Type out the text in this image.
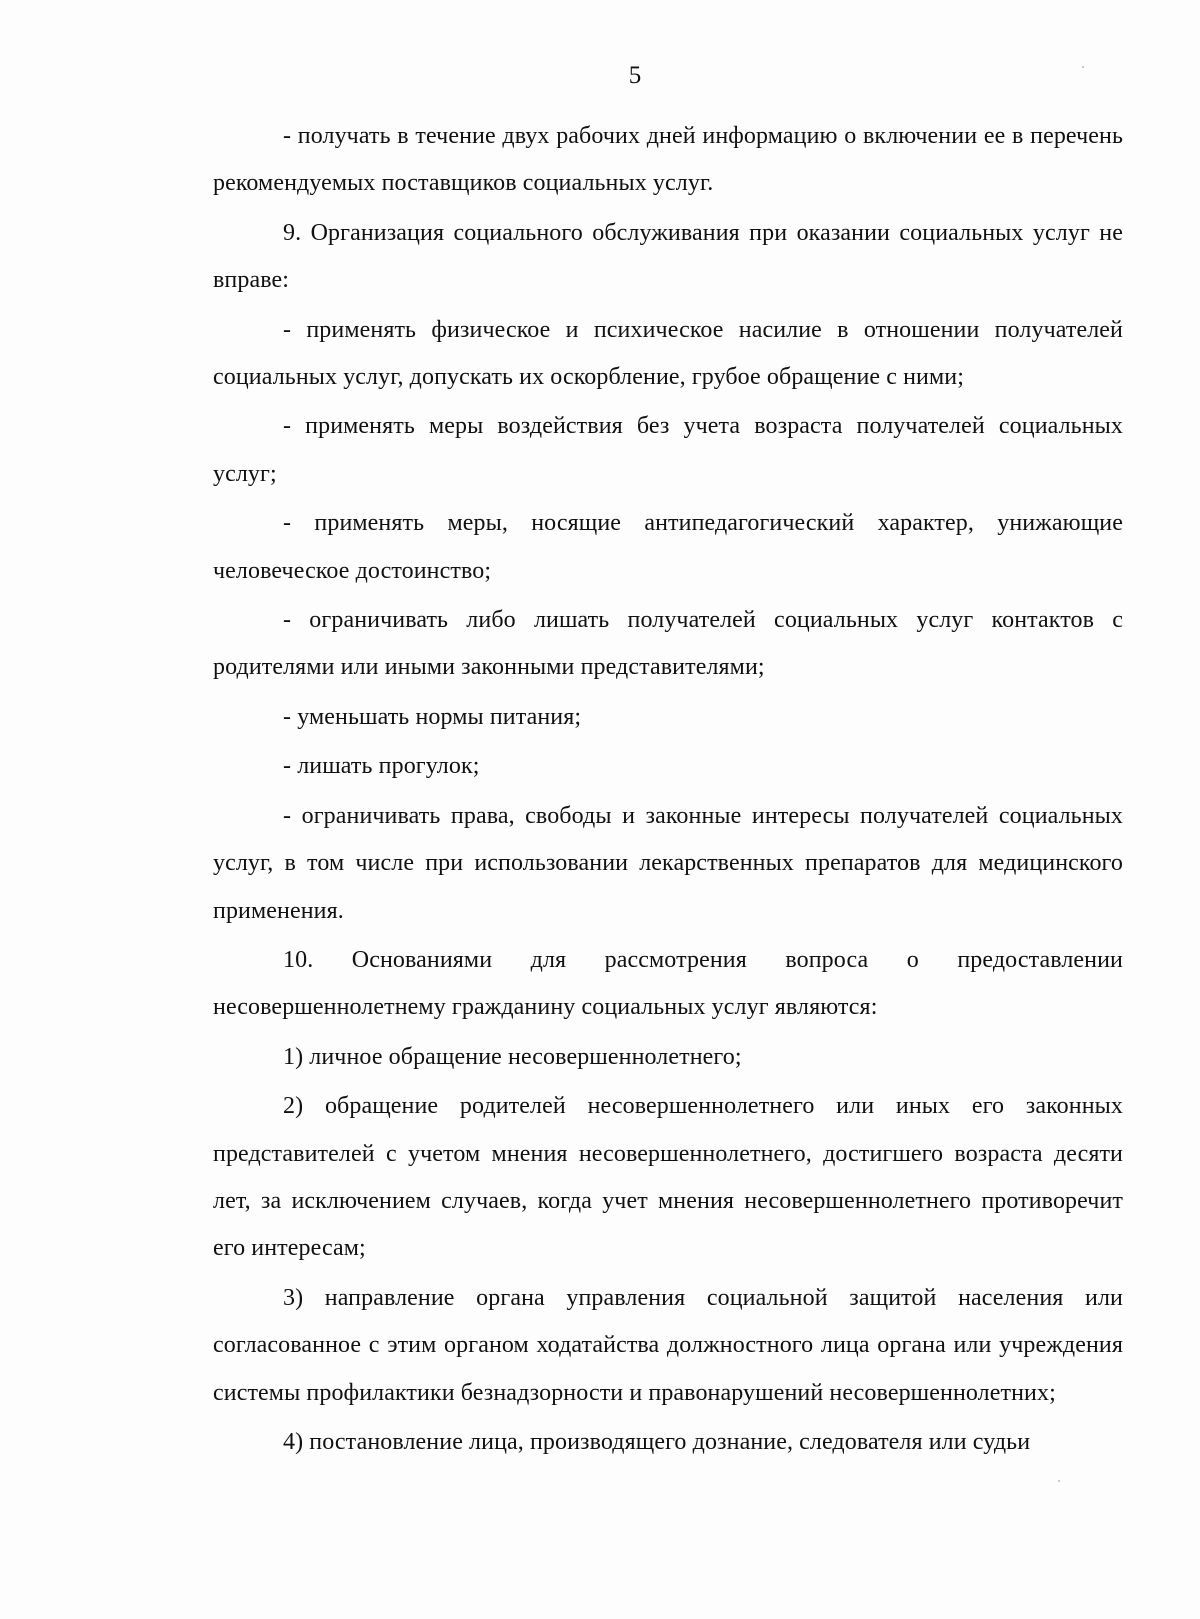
5

- получать в течение двух рабочих дней информацию о включении ее в перечень рекомендуемых поставщиков социальных услуг.

9. Организация социального обслуживания при оказании социальных услуг не вправе:

- применять физическое и психическое насилие в отношении получателей социальных услуг, допускать их оскорбление, грубое обращение с ними;

- применять меры воздействия без учета возраста получателей социальных услуг;

- применять меры, носящие антипедагогический характер, унижающие человеческое достоинство;

- ограничивать либо лишать получателей социальных услуг контактов с родителями или иными законными представителями;

- уменьшать нормы питания;

- лишать прогулок;

- ограничивать права, свободы и законные интересы получателей социальных услуг, в том числе при использовании лекарственных препаратов для медицинского применения.

10. Основаниями для рассмотрения вопроса о предоставлении несовершеннолетнему гражданину социальных услуг являются:

1) личное обращение несовершеннолетнего;

2) обращение родителей несовершеннолетнего или иных его законных представителей с учетом мнения несовершеннолетнего, достигшего возраста десяти лет, за исключением случаев, когда учет мнения несовершеннолетнего противоречит его интересам;

3) направление органа управления социальной защитой населения или согласованное с этим органом ходатайства должностного лица органа или учреждения системы профилактики безнадзорности и правонарушений несовершеннолетних;

4) постановление лица, производящего дознание, следователя или судьи
